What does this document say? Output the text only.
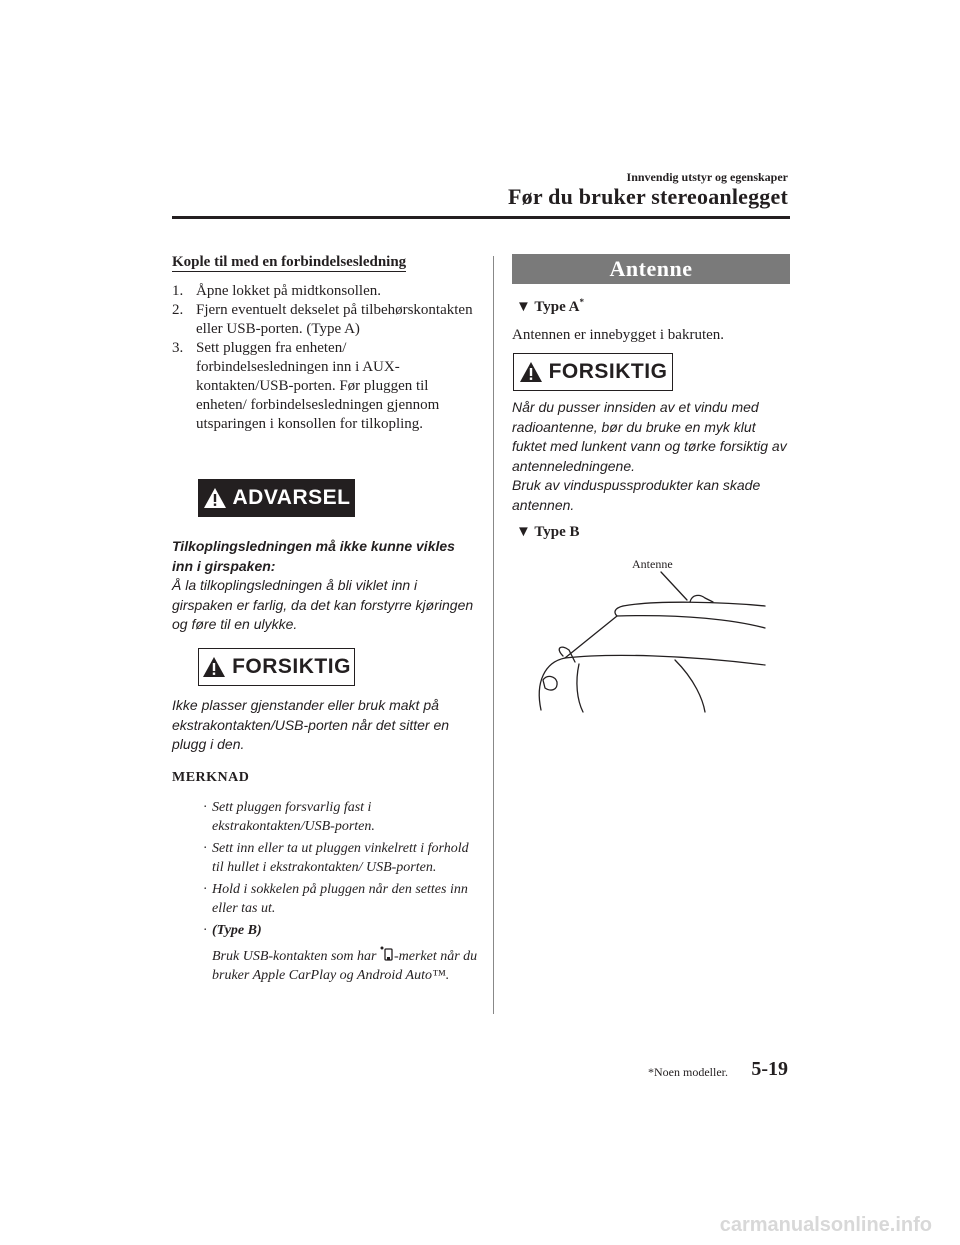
Innvendig utstyr og egenskaper
Før du bruker stereoanlegget
Kople til med en forbindelsesledning
1. Åpne lokket på midtkonsollen.
2. Fjern eventuelt dekselet på tilbehørskontakten eller USB-porten. (Type A)
3. Sett pluggen fra enheten/ forbindelsesledningen inn i AUX-kontakten/USB-porten. Før pluggen til enheten/ forbindelsesledningen gjennom utsparingen i konsollen for tilkopling.
ADVARSEL
Tilkoplingsledningen må ikke kunne vikles inn i girspaken:
Å la tilkoplingsledningen å bli viklet inn i girspaken er farlig, da det kan forstyrre kjøringen og føre til en ulykke.
FORSIKTIG
Ikke plasser gjenstander eller bruk makt på ekstrakontakten/USB-porten når det sitter en plugg i den.
MERKNAD
· Sett pluggen forsvarlig fast i ekstrakontakten/USB-porten.
· Sett inn eller ta ut pluggen vinkelrett i forhold til hullet i ekstrakontakten/ USB-porten.
· Hold i sokkelen på pluggen når den settes inn eller tas ut.
· (Type B)
Bruk USB-kontakten som har -merket når du bruker Apple CarPlay og Android Auto™.
Antenne
▼ Type A*
Antennen er innebygget i bakruten.
FORSIKTIG
Når du pusser innsiden av et vindu med radioantenne, bør du bruke en myk klut fuktet med lunkent vann og tørke forsiktig av antenneledningene.
Bruk av vinduspussprodukter kan skade antennen.
▼ Type B
Antenne
*Noen modeller. 5-19
carmanualsonline.info
